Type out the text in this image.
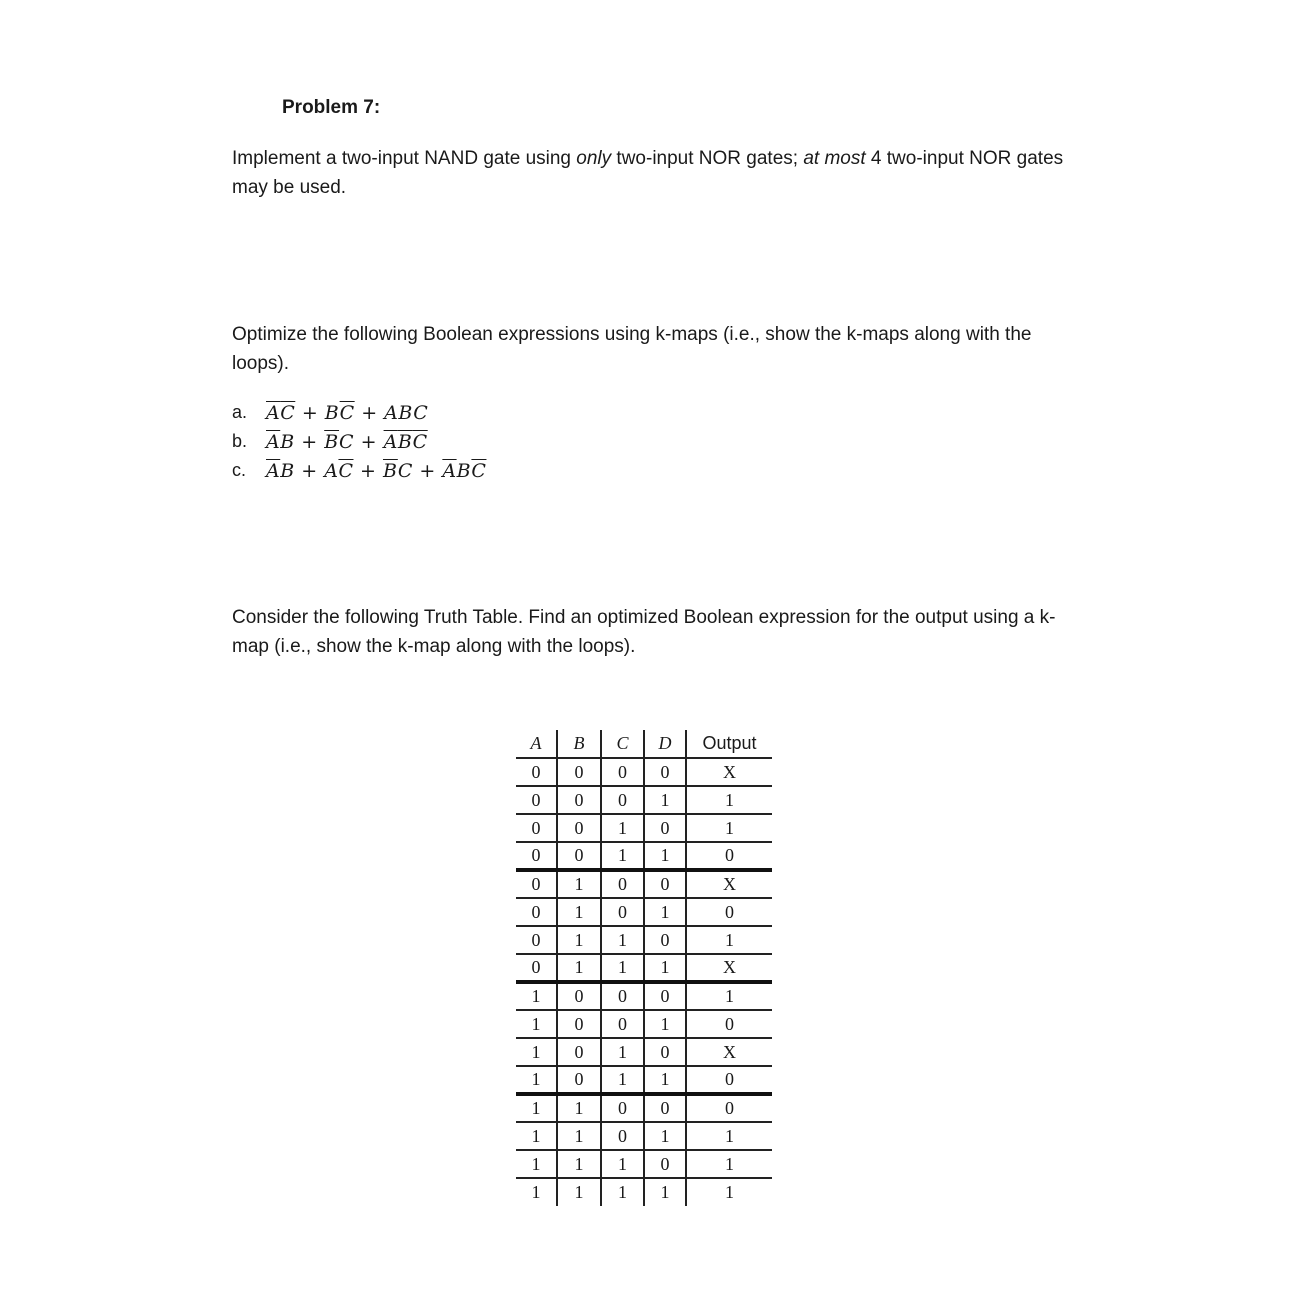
Problem 7:

Implement a two-input NAND gate using only two-input NOR gates; at most 4 two-input NOR gates may be used.

Optimize the following Boolean expressions using k-maps (i.e., show the k-maps along with the loops).

a. $\overline{A}\overline{C} + B\overline{C}$ + ABC
b. $\overline{A}B + \overline{B}C + \overline{A}\overline{B}\overline{C}$
c.	$\overline{A}B + A\overline{C} + \overline{B}C + \overline{A}B\overline{C}$

Consider the following Truth Table. Find an optimized Boolean expression for the output using a k-map (i.e., show the k-map along with the loops).

A	B	C	D	Output
0	0	0	0	X
0	0	0	1	1
0	0	1	0	1
0	0	1	1	0
0	1	0	0	X
0	1	0	1	0
0	1	1	0	1
0	1	1	1	X
1	0	0	0	1
1	0	0	1	0
1	0	1	0	X
1	0	1	1	0
1	1	0	0	0
1	1	0	1	1
1	1	1	0	1
1	1	1	1	1
